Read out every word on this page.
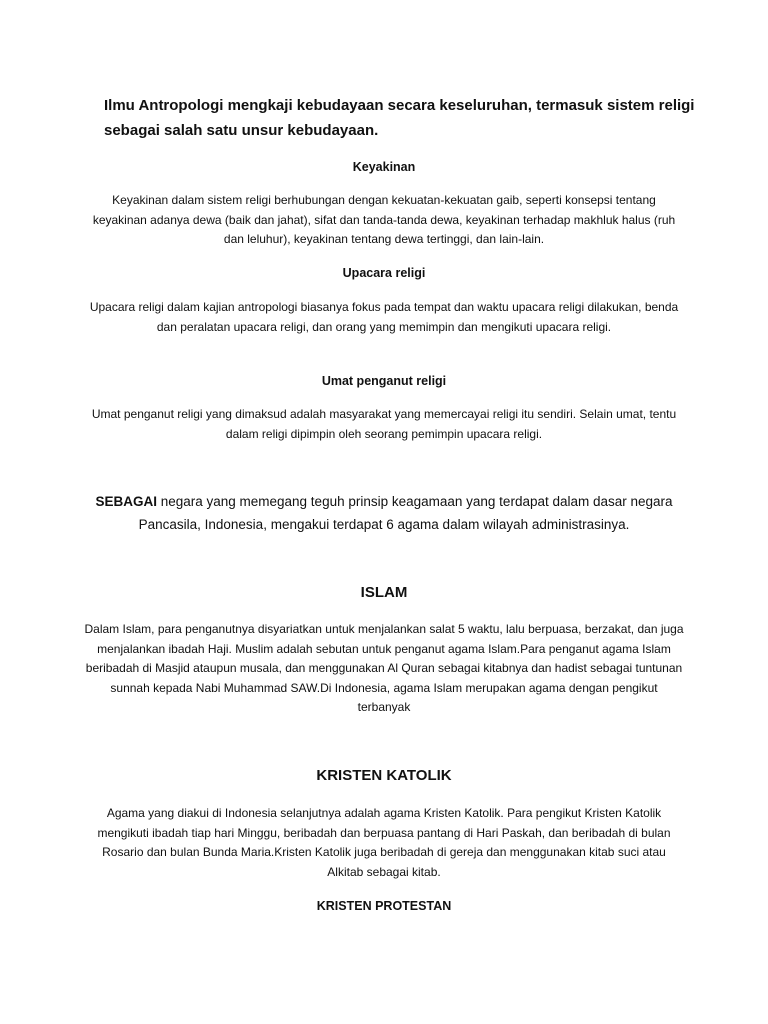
Ilmu Antropologi mengkaji kebudayaan secara keseluruhan, termasuk sistem religi sebagai salah satu unsur kebudayaan.

Keyakinan

Keyakinan dalam sistem religi berhubungan dengan kekuatan-kekuatan gaib, seperti konsepsi tentang keyakinan adanya dewa (baik dan jahat), sifat dan tanda-tanda dewa, keyakinan terhadap makhluk halus (ruh dan leluhur), keyakinan tentang dewa tertinggi, dan lain-lain.

Upacara religi

Upacara religi dalam kajian antropologi biasanya fokus pada tempat dan waktu upacara religi dilakukan, benda dan peralatan upacara religi, dan orang yang memimpin dan mengikuti upacara religi.

Umat penganut religi

Umat penganut religi yang dimaksud adalah masyarakat yang memercayai religi itu sendiri. Selain umat, tentu dalam religi dipimpin oleh seorang pemimpin upacara religi.

SEBAGAI negara yang memegang teguh prinsip keagamaan yang terdapat dalam dasar negara Pancasila, Indonesia, mengakui terdapat 6 agama dalam wilayah administrasinya.

ISLAM

Dalam Islam, para penganutnya disyariatkan untuk menjalankan salat 5 waktu, lalu berpuasa, berzakat, dan juga menjalankan ibadah Haji. Muslim adalah sebutan untuk penganut agama Islam.Para penganut agama Islam beribadah di Masjid ataupun musala, dan menggunakan Al Quran sebagai kitabnya dan hadist sebagai tuntunan sunnah kepada Nabi Muhammad SAW.Di Indonesia, agama Islam merupakan agama dengan pengikut terbanyak

KRISTEN KATOLIK

Agama yang diakui di Indonesia selanjutnya adalah agama Kristen Katolik. Para pengikut Kristen Katolik mengikuti ibadah tiap hari Minggu, beribadah dan berpuasa pantang di Hari Paskah, dan beribadah di bulan Rosario dan bulan Bunda Maria.Kristen Katolik juga beribadah di gereja dan menggunakan kitab suci atau Alkitab sebagai kitab.

KRISTEN PROTESTAN
